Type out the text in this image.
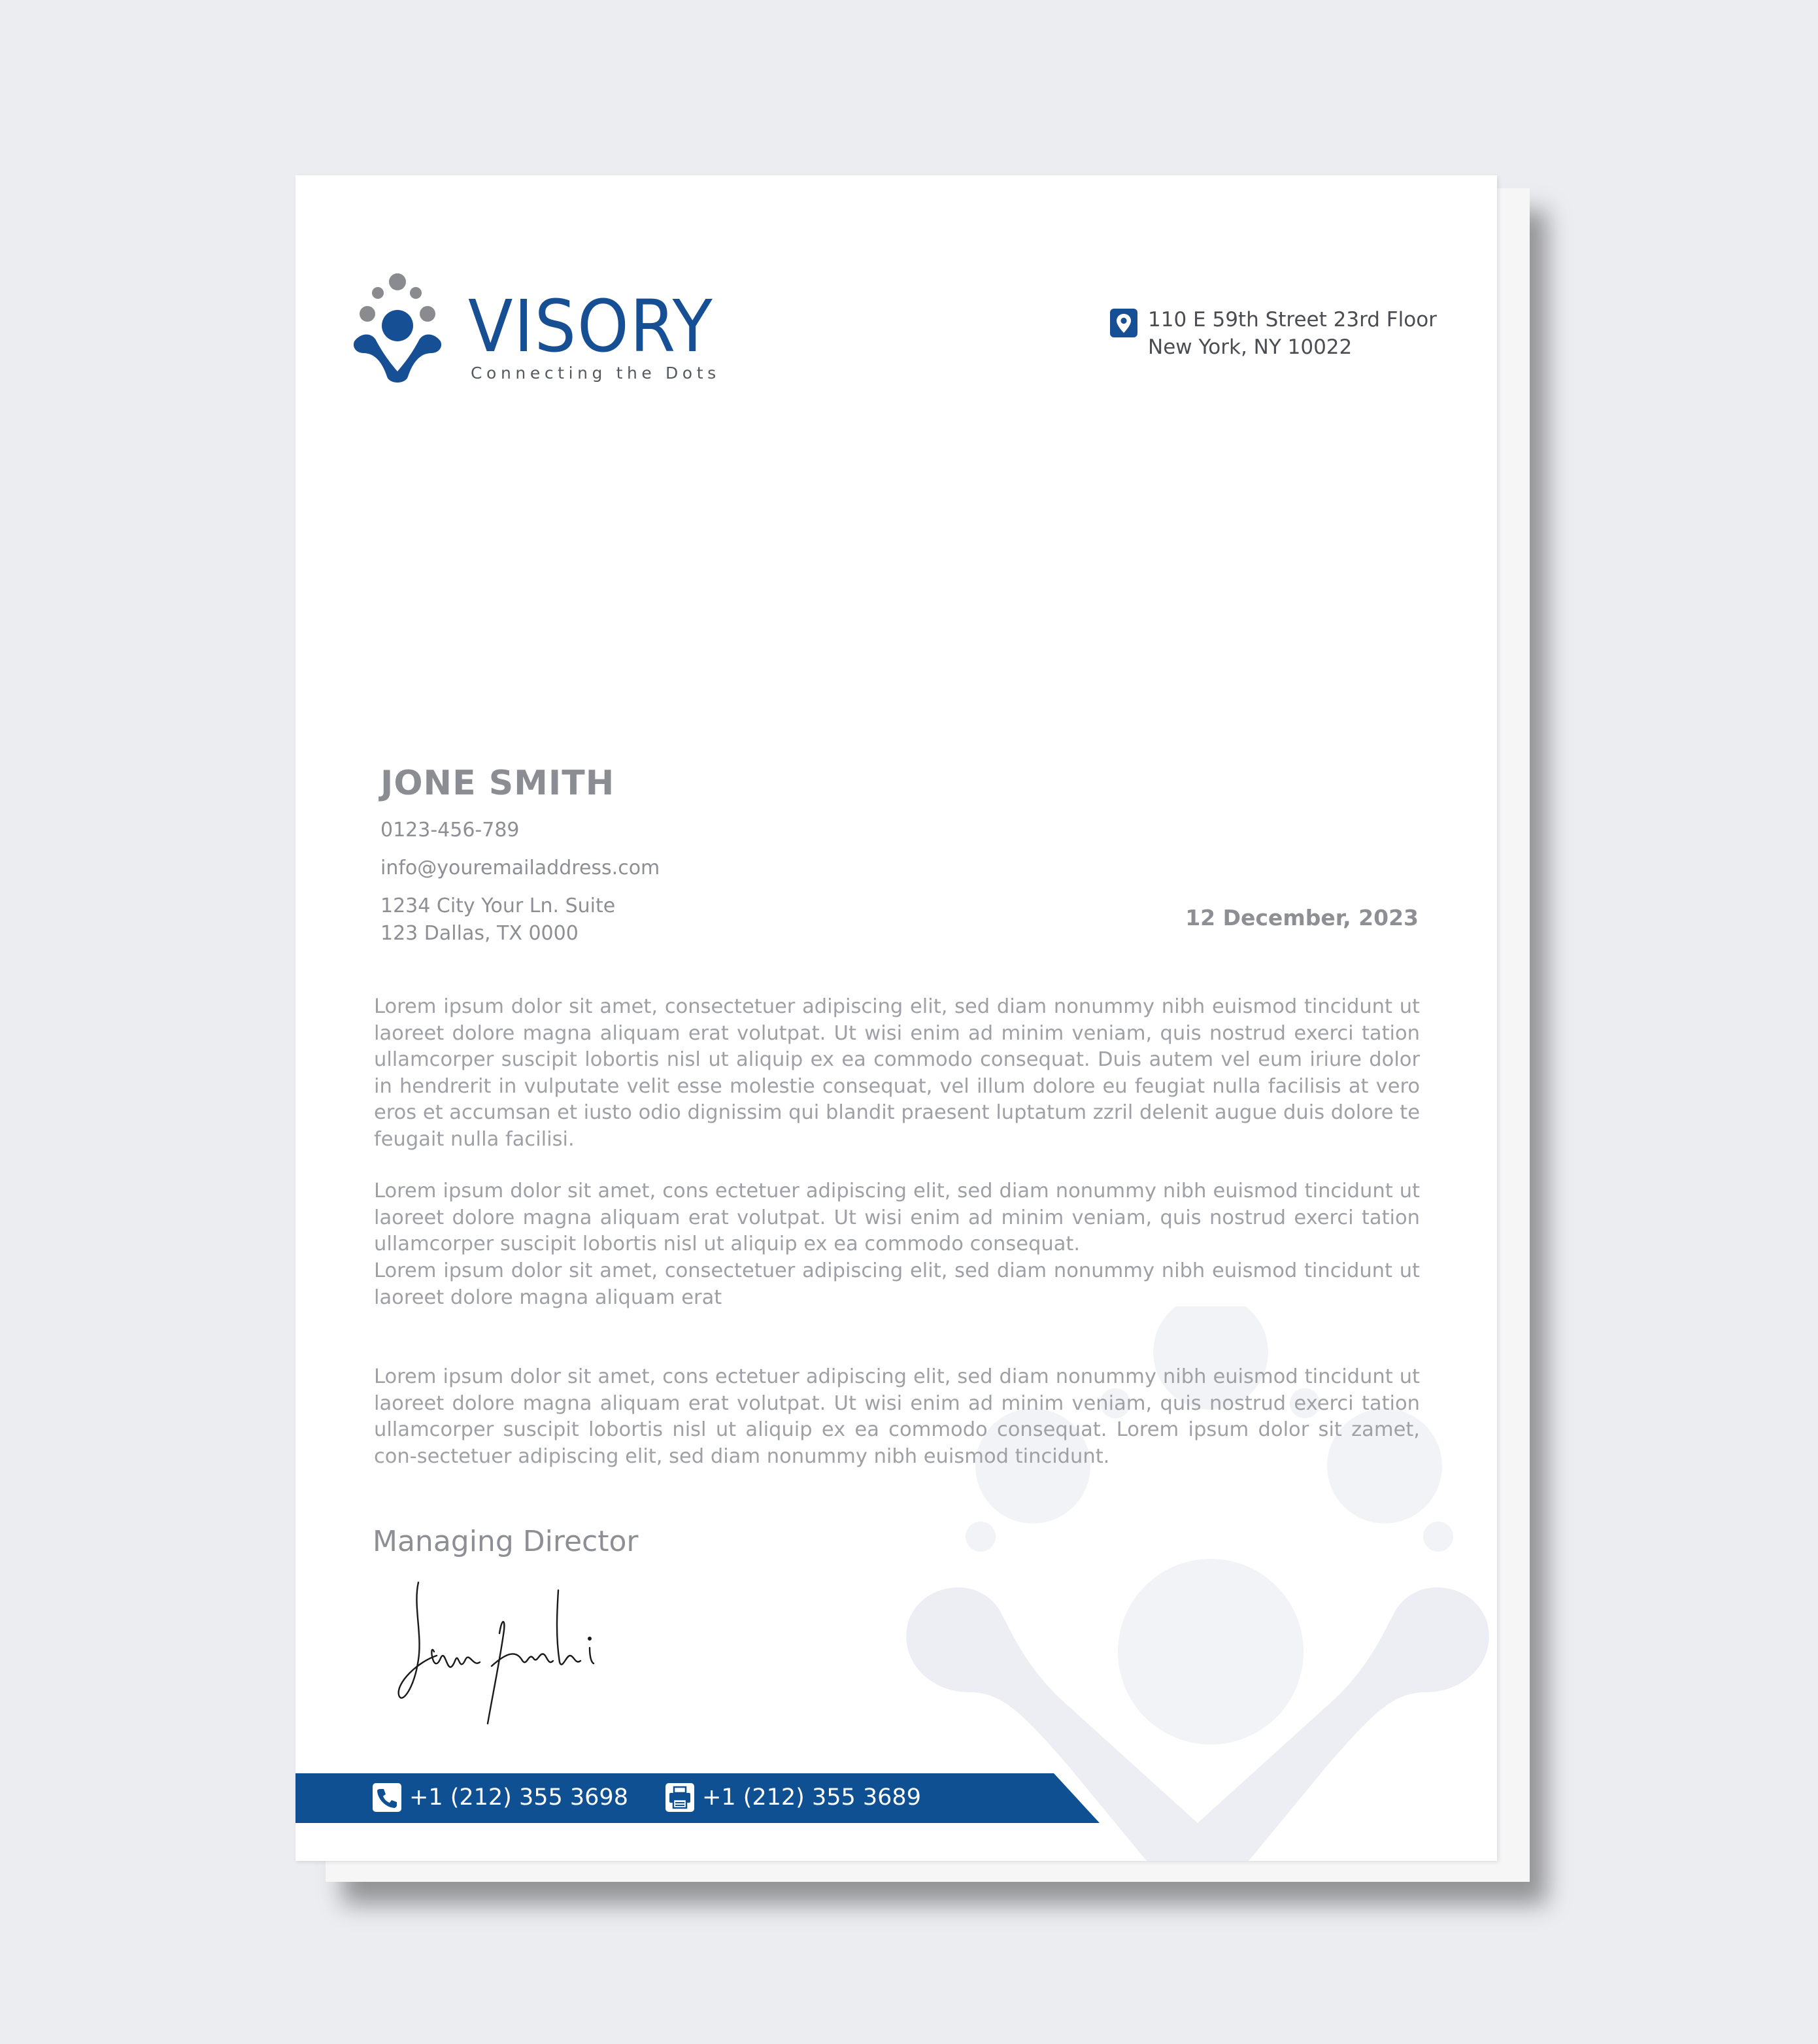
VISORY
Connecting the Dots
110 E 59th Street 23rd Floor
New York, NY 10022
JONE SMITH
0123-456-789
info@youremailaddress.com
1234 City Your Ln. Suite
123 Dallas, TX 0000
12 December, 2023

Lorem ipsum dolor sit amet, consectetuer adipiscing elit, sed diam nonummy nibh euismod tincidunt ut laoreet dolore magna aliquam erat volutpat. Ut wisi enim ad minim veniam, quis nostrud exerci tation ullamcorper suscipit lobortis nisl ut aliquip ex ea commodo consequat. Duis autem vel eum iriure dolor in hendrerit in vulputate velit esse molestie consequat, vel illum dolore eu feugiat nulla facilisis at vero eros et accumsan et iusto odio dignissim qui blandit praesent luptatum zzril delenit augue duis dolore te feugait nulla facilisi.

Lorem ipsum dolor sit amet, cons ectetuer adipiscing elit, sed diam nonummy nibh euismod tincidunt ut laoreet dolore magna aliquam erat volutpat. Ut wisi enim ad minim veniam, quis nostrud exerci tation ullamcorper suscipit lobortis nisl ut aliquip ex ea commodo consequat.

Lorem ipsum dolor sit amet, consectetuer adipiscing elit, sed diam nonummy nibh euismod tincidunt ut laoreet dolore magna aliquam erat

Lorem ipsum dolor sit amet, cons ectetuer adipiscing elit, sed diam nonummy nibh euismod tincidunt ut laoreet dolore magna aliquam erat volutpat. Ut wisi enim ad minim veniam, quis nostrud exerci tation ullamcorper suscipit lobortis nisl ut aliquip ex ea commodo consequat. Lorem ipsum dolor sit zamet, con-sectetuer adipiscing elit, sed diam nonummy nibh euismod tincidunt.

Managing Director
+1 (212) 355 3698	+1 (212) 355 3689
